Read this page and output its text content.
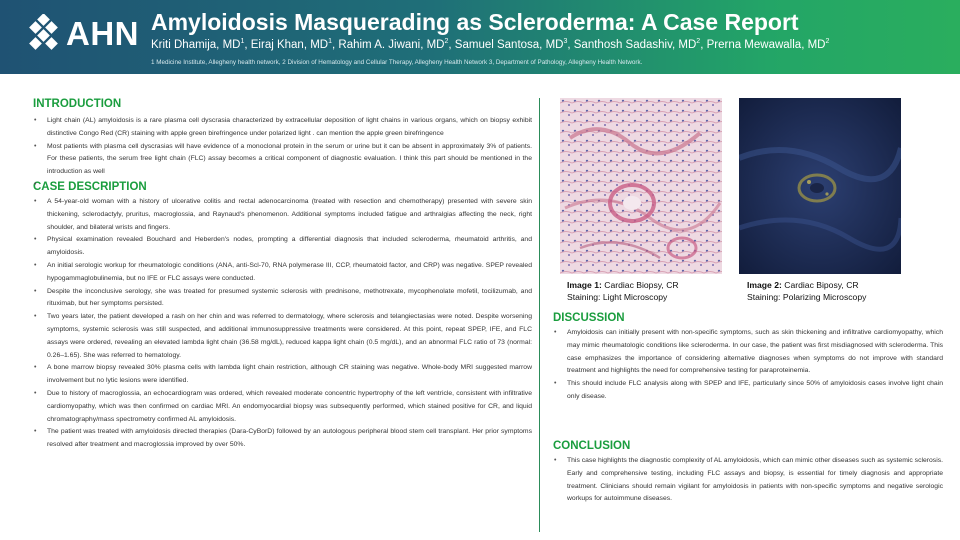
AHN Amyloidosis Masquerading as Scleroderma: A Case Report
Kriti Dhamija, $MD^1$, Eiraj Khan, $MD^1$, Rahim A. Jiwani, $MD^2$, Samuel Santosa, $MD^3$, Santhosh Sadashiv, $MD^2$, Prerna Mewawalla, $MD^2$
1 Medicine Institute, Allegheny health network, 2 Division of Hematology and Cellular Therapy, Allegheny Health Network 3, Department of Pathology, Allegheny Health Network.
INTRODUCTION
• Light chain (AL) amyloidosis is a rare plasma cell dyscrasia characterized by extracellular deposition of light chains in various organs, which on biopsy exhibit distinctive Congo Red (CR) staining with apple green birefringence under polarized light . can mention the apple green birefringence
• Most patients with plasma cell dyscrasias will have evidence of a monoclonal protein in the serum or urine but it can be absent in approximately 3% of patients. For these patients, the serum free light chain (FLC) assay becomes a critical component of diagnostic evaluation. I think this part should be mentioned in the introduction as well
CASE DESCRIPTION
• A 54-year-old woman with a history of ulcerative colitis and rectal adenocarcinoma (treated with resection and chemotherapy) presented with severe skin thickening, sclerodactyly, pruritus, macroglossia, and Raynaud's phenomenon. Additional symptoms included fatigue and arthralgias affecting the neck, right shoulder, and bilateral wrists and fingers.
• Physical examination revealed Bouchard and Heberden's nodes, prompting a differential diagnosis that included scleroderma, rheumatoid arthritis, and amyloidosis.
• An initial serologic workup for rheumatologic conditions (ANA, anti-Scl-70, RNA polymerase III, CCP, rheumatoid factor, and CRP) was negative. SPEP revealed hypogammaglobulinemia, but no IFE or FLC assays were conducted.
• Despite the inconclusive serology, she was treated for presumed systemic sclerosis with prednisone, methotrexate, mycophenolate mofetil, tocilizumab, and rituximab, but her symptoms persisted.
• Two years later, the patient developed a rash on her chin and was referred to dermatology, where sclerosis and telangiectasias were noted. Despite worsening symptoms, systemic sclerosis was still suspected, and additional immunosuppressive treatments were considered. At this point, repeat SPEP, IFE, and FLC assays were ordered, revealing an elevated lambda light chain (36.58 mg/dL), reduced kappa light chain (0.5 mg/dL), and an abnormal FLC ratio of 73 (normal: 0.26–1.65). She was referred to hematology.
• A bone marrow biopsy revealed 30% plasma cells with lambda light chain restriction, although CR staining was negative. Whole-body MRI suggested marrow involvement but no lytic lesions were identified.
• Due to history of macroglossia, an echocardiogram was ordered, which revealed moderate concentric hypertrophy of the left ventricle, consistent with infiltrative cardiomyopathy, which was then confirmed on cardiac MRI. An endomyocardial biopsy was subsequently performed, which stained positive for CR, and liquid chromatography/mass spectrometry confirmed AL amyloidosis.
• The patient was treated with amyloidosis directed therapies (Dara-CyBorD) followed by an autologous peripheral blood stem cell transplant. Her prior symptoms resolved after treatment and macroglossia improved by over 50%.
Image 1: Cardiac Biopsy, CR
Staining: Light Microscopy
Image 2: Cardiac Biposy, CR
Staining: Polarizing Microscopy
DISCUSSION
• Amyloidosis can initially present with non-specific symptoms, such as skin thickening and infiltrative cardiomyopathy, which may mimic rheumatologic conditions like scleroderma. In our case, the patient was first misdiagnosed with scleroderma. This case emphasizes the importance of considering alternative diagnoses when symptoms do not improve with standard treatment and highlights the need for comprehensive testing for paraproteinemia.
• This should include FLC analysis along with SPEP and IFE, particularly since 50% of amyloidosis cases involve light chain only disease.
CONCLUSION
• This case highlights the diagnostic complexity of AL amyloidosis, which can mimic other diseases such as systemic sclerosis. Early and comprehensive testing, including FLC assays and biopsy, is essential for timely diagnosis and appropriate treatment. Clinicians should remain vigilant for amyloidosis in patients with non-specific symptoms and negative serologic workups for autoimmune diseases.
